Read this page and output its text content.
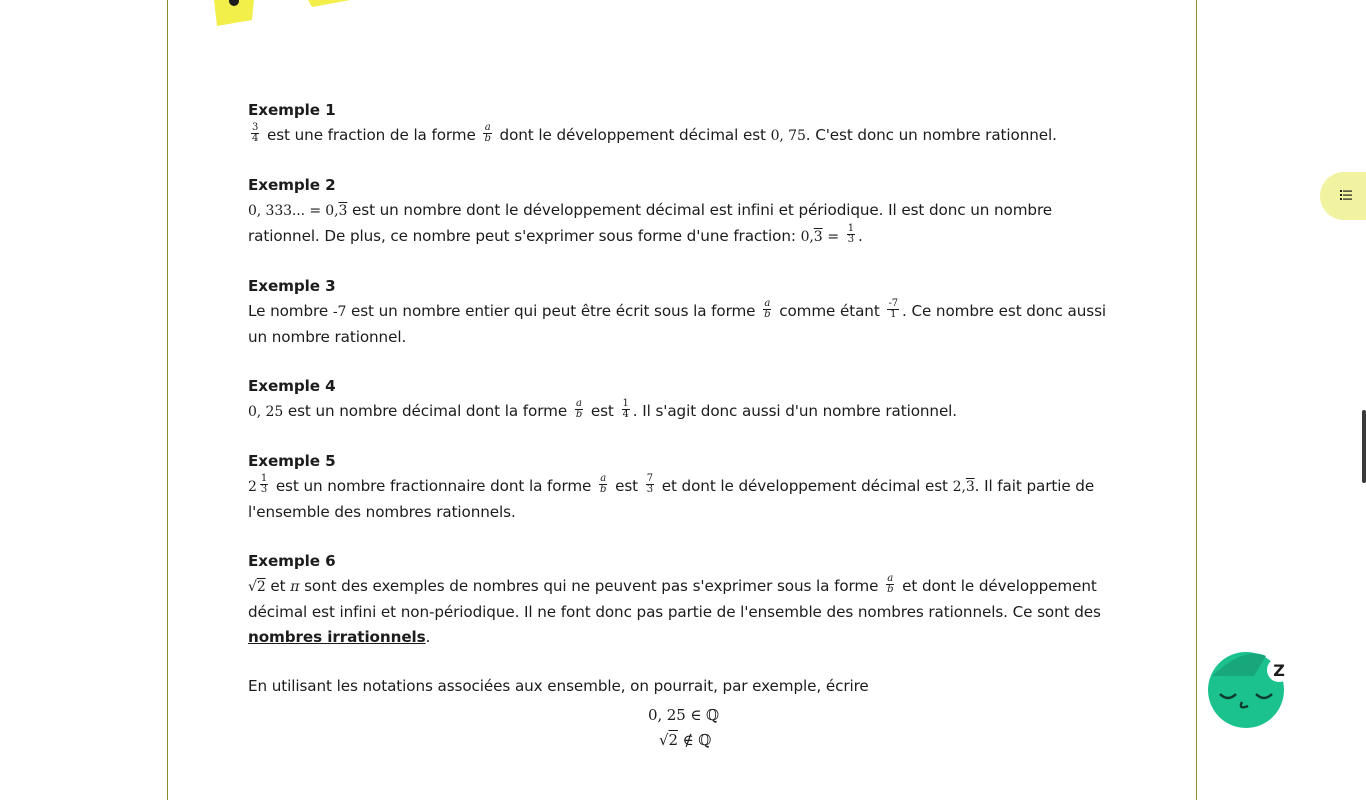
Exemple 1
$\frac{3}{4}$ est une fraction de la forme $\frac{a}{b}$ dont le développement décimal est 0, 75. C'est donc un nombre rationnel.
Exemple 2
0, 333... = 0,3 est un nombre dont le développement décimal est infini et périodique. Il est donc un nombre rationnel. De plus, ce nombre peut s'exprimer sous forme d'une fraction: $0,3 = \frac{1}{3}$ .
Exemple 3
Le nombre -7 est un nombre entier qui peut être écrit sous la forme $\frac{a}{b}$ comme étant $\frac{-7}{1}$ . Ce nombre est donc aussi un nombre rationnel.
Exemple 4
0, 25 est un nombre décimal dont la forme $\frac{a}{b}$ est $\frac{1}{4}$ . Il s'agit donc aussi d'un nombre rationnel.
Exemple 5
$2 \frac{1}{3}$ est un nombre fractionnaire dont la forme $\frac{a}{b}$ est $\frac{7}{3}$ et dont le développement décimal est 2,3. Il fait partie de l'ensemble des nombres rationnels.
Exemple 6
√2 et π sont des exemples de nombres qui ne peuvent pas s'exprimer sous la forme $\frac{a}{b}$ et dont le développement décimal est infini et non-périodique. Il ne font donc pas partie de l'ensemble des nombres rationnels. Ce sont des nombres irrationnels.
En utilisant les notations associées aux ensemble, on pourrait, par exemple, écrire
0, 25 ∈ ℚ
√2 ∉ ℚ
Z
